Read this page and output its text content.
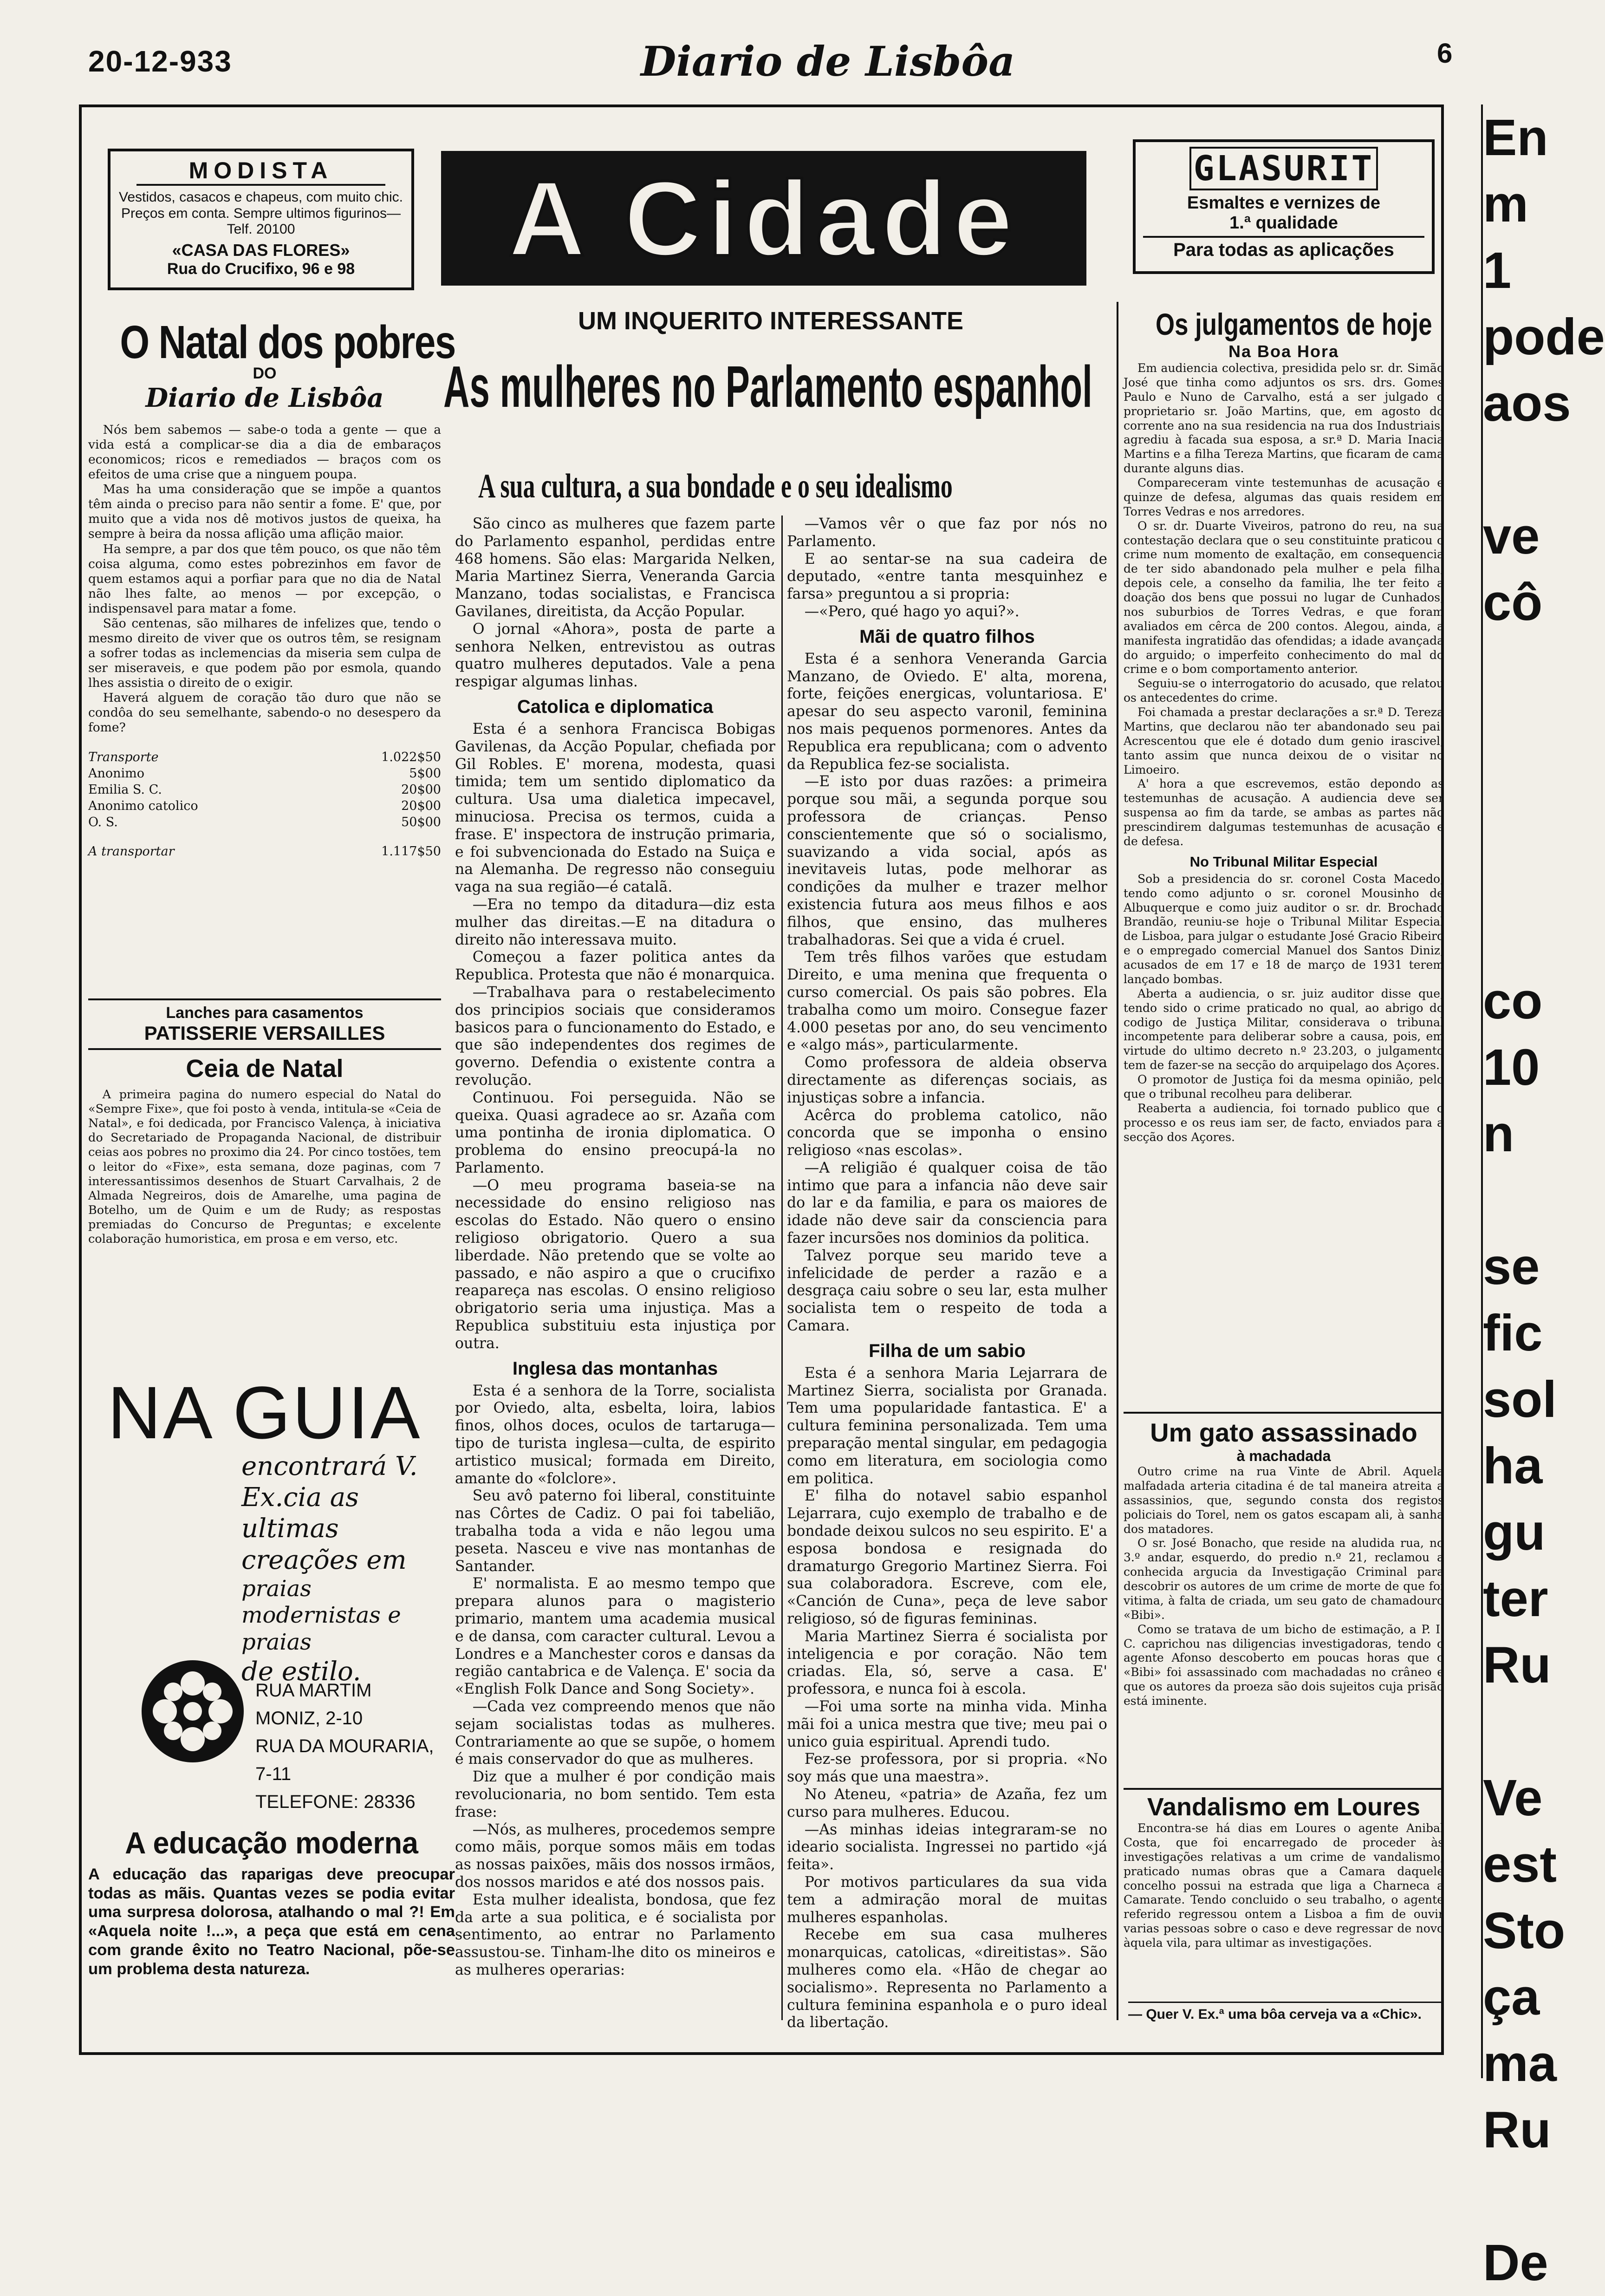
20-12-933	Diario de Lisbôa	6
En
m
1
pode
aos

ve
cô

co
10
n

se
fic
sol
ha
gu
ter
Ru

Ve
est
Sto
ça
ma
Ru

De
MODISTA
Vestidos, casacos e chapeus, com muito chic. Preços em conta. Sempre ultimos figurinos—Telf. 20100
«CASA DAS FLORES»
Rua do Crucifixo, 96 e 98	A Cidade	GLASURIT
Esmaltes e vernizes de
1.ª qualidade
Para todas as aplicações
O Natal dos pobres
DO
Diario de Lisbôa

Nós bem sabemos — sabe-o toda a gente — que a vida está a complicar-se dia a dia de embaraços economicos; ricos e remediados — braços com os efeitos de uma crise que a ninguem poupa.

Mas ha uma consideração que se impõe a quantos têm ainda o preciso para não sentir a fome. E' que, por muito que a vida nos dê motivos justos de queixa, ha sempre à beira da nossa aflição uma aflição maior.

Ha sempre, a par dos que têm pouco, os que não têm coisa alguma, como estes pobrezinhos em favor de quem estamos aqui a porfiar para que no dia de Natal não lhes falte, ao menos — por excepção, o indispensavel para matar a fome.

São centenas, são milhares de infelizes que, tendo o mesmo direito de viver que os outros têm, se resignam a sofrer todas as inclemencias da miseria sem culpa de ser miseraveis, e que podem pão por esmola, quando lhes assistia o direito de o exigir.

Haverá alguem de coração tão duro que não se condôa do seu semelhante, sabendo-o no desespero da fome?

Transporte	1.022$50
Anonimo	5$00
Emilia S. C.	20$00
Anonimo catolico	20$00
O. S.	50$00
A transportar	1.117$50
Lanches para casamentos
PATISSERIE VERSAILLES
Ceia de Natal

A primeira pagina do numero especial do Natal do «Sempre Fixe», que foi posto à venda, intitula-se «Ceia de Natal», e foi dedicada, por Francisco Valença, à iniciativa do Secretariado de Propaganda Nacional, de distribuir ceias aos pobres no proximo dia 24. Por cinco tostões, tem o leitor do «Fixe», esta semana, doze paginas, com 7 interessantissimos desenhos de Stuart Carvalhais, 2 de Almada Negreiros, dois de Amarelhe, uma pagina de Botelho, um de Quim e um de Rudy; as respostas premiadas do Concurso de Preguntas; e excelente colaboração humoristica, em prosa e em verso, etc.

NA GUIA
encontrará V.
Ex.cia as ultimas
creações em
praias modernistas e praias
de estilo.
RUA MARTIM MONIZ, 2-10
RUA DA MOURARIA, 7-11
TELEFONE: 28336
A educação moderna
A educação das raparigas deve preocupar todas as mãis. Quantas vezes se podia evitar uma surpresa dolorosa, atalhando o mal ?! Em «Aquela noite !...», a peça que está em cena com grande êxito no Teatro Nacional, põe-se um problema desta natureza.
UM INQUERITO INTERESSANTE
As mulheres no Parlamento espanhol
A sua cultura, a sua bondade e o seu idealismo

São cinco as mulheres que fazem parte do Parlamento espanhol, perdidas entre 468 homens. São elas: Margarida Nelken, Maria Martinez Sierra, Veneranda Garcia Manzano, todas socialistas, e Francisca Gavilanes, direitista, da Acção Popular.

O jornal «Ahora», posta de parte a senhora Nelken, entrevistou as outras quatro mulheres deputados. Vale a pena respigar algumas linhas.

Catolica e diplomatica

Esta é a senhora Francisca Bobigas Gavilenas, da Acção Popular, chefiada por Gil Robles. E' morena, modesta, quasi timida; tem um sentido diplomatico da cultura. Usa uma dialetica impecavel, minuciosa. Precisa os termos, cuida a frase. E' inspectora de instrução primaria, e foi subvencionada do Estado na Suiça e na Alemanha. De regresso não conseguiu vaga na sua região—é catalã.

—Era no tempo da ditadura—diz esta mulher das direitas.—E na ditadura o direito não interessava muito.

Começou a fazer politica antes da Republica. Protesta que não é monarquica.

—Trabalhava para o restabelecimento dos principios sociais que consideramos basicos para o funcionamento do Estado, e que são independentes dos regimes de governo. Defendia o existente contra a revolução.

Continuou. Foi perseguida. Não se queixa. Quasi agradece ao sr. Azaña com uma pontinha de ironia diplomatica. O problema do ensino preocupá-la no Parlamento.

—O meu programa baseia-se na necessidade do ensino religioso nas escolas do Estado. Não quero o ensino religioso obrigatorio. Quero a sua liberdade. Não pretendo que se volte ao passado, e não aspiro a que o crucifixo reapareça nas escolas. O ensino religioso obrigatorio seria uma injustiça. Mas a Republica substituiu esta injustiça por outra.

Inglesa das montanhas

Esta é a senhora de la Torre, socialista por Oviedo, alta, esbelta, loira, labios finos, olhos doces, oculos de tartaruga—tipo de turista inglesa—culta, de espirito artistico musical; formada em Direito, amante do «folclore».

Seu avô paterno foi liberal, constituinte nas Côrtes de Cadiz. O pai foi tabelião, trabalha toda a vida e não legou uma peseta. Nasceu e vive nas montanhas de Santander.

E' normalista. E ao mesmo tempo que prepara alunos para o magisterio primario, mantem uma academia musical e de dansa, com caracter cultural. Levou a Londres e a Manchester coros e dansas da região cantabrica e de Valença. E' socia da «English Folk Dance and Song Society».

—Cada vez compreendo menos que não sejam socialistas todas as mulheres. Contrariamente ao que se supõe, o homem é mais conservador do que as mulheres.

Diz que a mulher é por condição mais revolucionaria, no bom sentido. Tem esta frase:

—Nós, as mulheres, procedemos sempre como mãis, porque somos mãis em todas as nossas paixões, mãis dos nossos irmãos, dos nossos maridos e até dos nossos pais.

Esta mulher idealista, bondosa, que fez da arte a sua politica, e é socialista por sentimento, ao entrar no Parlamento assustou-se. Tinham-lhe dito os mineiros e as mulheres operarias:

—Vamos vêr o que faz por nós no Parlamento.

E ao sentar-se na sua cadeira de deputado, «entre tanta mesquinhez e farsa» preguntou a si propria:

—«Pero, qué hago yo aqui?».

Mãi de quatro filhos

Esta é a senhora Veneranda Garcia Manzano, de Oviedo. E' alta, morena, forte, feições energicas, voluntariosa. E' apesar do seu aspecto varonil, feminina nos mais pequenos pormenores. Antes da Republica era republicana; com o advento da Republica fez-se socialista.

—E isto por duas razões: a primeira porque sou mãi, a segunda porque sou professora de crianças. Penso conscientemente que só o socialismo, suavizando a vida social, após as inevitaveis lutas, pode melhorar as condições da mulher e trazer melhor existencia futura aos meus filhos e aos filhos, que ensino, das mulheres trabalhadoras. Sei que a vida é cruel.

Tem três filhos varões que estudam Direito, e uma menina que frequenta o curso comercial. Os pais são pobres. Ela trabalha como um moiro. Consegue fazer 4.000 pesetas por ano, do seu vencimento e «algo más», particularmente.

Como professora de aldeia observa directamente as diferenças sociais, as injustiças sobre a infancia.

Acêrca do problema catolico, não concorda que se imponha o ensino religioso «nas escolas».

—A religião é qualquer coisa de tão intimo que para a infancia não deve sair do lar e da familia, e para os maiores de idade não deve sair da consciencia para fazer incursões nos dominios da politica.

Talvez porque seu marido teve a infelicidade de perder a razão e a desgraça caiu sobre o seu lar, esta mulher socialista tem o respeito de toda a Camara.

Filha de um sabio

Esta é a senhora Maria Lejarrara de Martinez Sierra, socialista por Granada. Tem uma popularidade fantastica. E' a cultura feminina personalizada. Tem uma preparação mental singular, em pedagogia como em literatura, em sociologia como em politica.

E' filha do notavel sabio espanhol Lejarrara, cujo exemplo de trabalho e de bondade deixou sulcos no seu espirito. E' a esposa bondosa e resignada do dramaturgo Gregorio Martinez Sierra. Foi sua colaboradora. Escreve, com ele, «Canción de Cuna», peça de leve sabor religioso, só de figuras femininas.

Maria Martinez Sierra é socialista por inteligencia e por coração. Não tem criadas. Ela, só, serve a casa. E' professora, e nunca foi à escola.

—Foi uma sorte na minha vida. Minha mãi foi a unica mestra que tive; meu pai o unico guia espiritual. Aprendi tudo.

Fez-se professora, por si propria. «No soy más que una maestra».

No Ateneu, «patria» de Azaña, fez um curso para mulheres. Educou.

—As minhas ideias integraram-se no ideario socialista. Ingressei no partido «já feita».

Por motivos particulares da sua vida tem a admiração moral de muitas mulheres espanholas.

Recebe em sua casa mulheres monarquicas, catolicas, «direitistas». São mulheres como ela. «Hão de chegar ao socialismo». Representa no Parlamento a cultura feminina espanhola e o puro ideal da libertação.

Os julgamentos de hoje
Na Boa Hora

Em audiencia colectiva, presidida pelo sr. dr. Simão José que tinha como adjuntos os srs. drs. Gomes Paulo e Nuno de Carvalho, está a ser julgado o proprietario sr. João Martins, que, em agosto do corrente ano na sua residencia na rua dos Industriais, agrediu à facada sua esposa, a sr.ª D. Maria Inacia Martins e a filha Tereza Martins, que ficaram de cama durante alguns dias.

Compareceram vinte testemunhas de acusação e quinze de defesa, algumas das quais residem em Torres Vedras e nos arredores.

O sr. dr. Duarte Viveiros, patrono do reu, na sua contestação declara que o seu constituinte praticou o crime num momento de exaltação, em consequencia de ter sido abandonado pela mulher e pela filha, depois cele, a conselho da familia, lhe ter feito a doação dos bens que possui no lugar de Cunhados, nos suburbios de Torres Vedras, e que foram avaliados em cêrca de 200 contos. Alegou, ainda, a manifesta ingratidão das ofendidas; a idade avançada do arguido; o imperfeito conhecimento do mal do crime e o bom comportamento anterior.

Seguiu-se o interrogatorio do acusado, que relatou os antecedentes do crime.

Foi chamada a prestar declarações a sr.ª D. Tereza Martins, que declarou não ter abandonado seu pai. Acrescentou que ele é dotado dum genio irascivel, tanto assim que nunca deixou de o visitar no Limoeiro.

A' hora a que escrevemos, estão depondo as testemunhas de acusação. A audiencia deve ser suspensa ao fim da tarde, se ambas as partes não prescindirem dalgumas testemunhas de acusação e de defesa.

No Tribunal Militar Especial

Sob a presidencia do sr. coronel Costa Macedo, tendo como adjunto o sr. coronel Mousinho de Albuquerque e como juiz auditor o sr. dr. Brochado Brandão, reuniu-se hoje o Tribunal Militar Especial de Lisboa, para julgar o estudante José Gracio Ribeiro e o empregado comercial Manuel dos Santos Diniz, acusados de em 17 e 18 de março de 1931 terem lançado bombas.

Aberta a audiencia, o sr. juiz auditor disse que, tendo sido o crime praticado no qual, ao abrigo do codigo de Justiça Militar, considerava o tribunal incompetente para deliberar sobre a causa, pois, em virtude do ultimo decreto n.º 23.203, o julgamento tem de fazer-se na secção do arquipelago dos Açores.

O promotor de Justiça foi da mesma opinião, pelo que o tribunal recolheu para deliberar.

Reaberta a audiencia, foi tornado publico que o processo e os reus iam ser, de facto, enviados para a secção dos Açores.

Um gato assassinado
à machadada

Outro crime na rua Vinte de Abril. Aquela malfadada arteria citadina é de tal maneira atreita a assassinios, que, segundo consta dos registos policiais do Torel, nem os gatos escapam ali, à sanha dos matadores.

O sr. José Bonacho, que reside na aludida rua, no 3.º andar, esquerdo, do predio n.º 21, reclamou a conhecida argucia da Investigação Criminal para descobrir os autores de um crime de morte de que foi vitima, à falta de criada, um seu gato de chamadouro «Bibi».

Como se tratava de um bicho de estimação, a P. I. C. caprichou nas diligencias investigadoras, tendo o agente Afonso descoberto em poucas horas que o «Bibi» foi assassinado com machadadas no crâneo e que os autores da proeza são dois sujeitos cuja prisão está iminente.

Vandalismo em Loures

Encontra-se há dias em Loures o agente Anibal Costa, que foi encarregado de proceder às investigações relativas a um crime de vandalismo, praticado numas obras que a Camara daquele concelho possui na estrada que liga a Charneca a Camarate. Tendo concluido o seu trabalho, o agente referido regressou ontem a Lisboa a fim de ouvir varias pessoas sobre o caso e deve regressar de novo àquela vila, para ultimar as investigações.

— Quer V. Ex.ª uma bôa cerveja va a «Chic».
